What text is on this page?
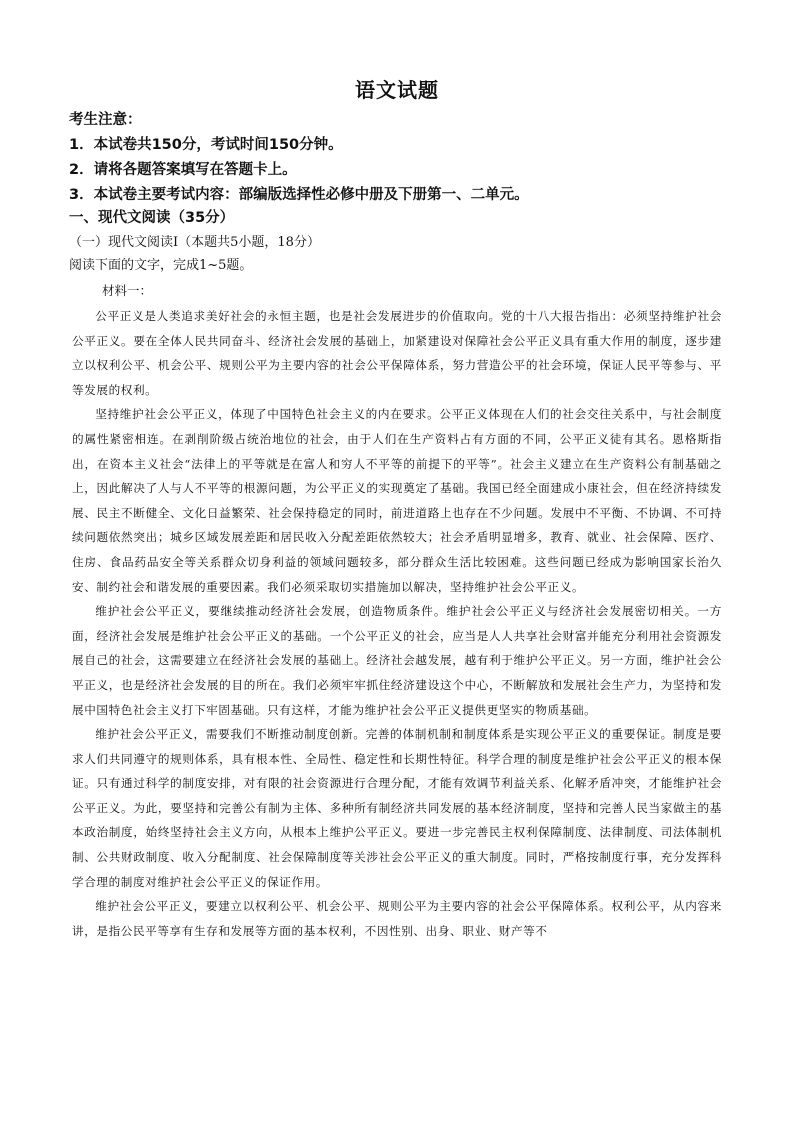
语文试题
考生注意：
1．本试卷共150分，考试时间150分钟。
2．请将各题答案填写在答题卡上。
3．本试卷主要考试内容：部编版选择性必修中册及下册第一、二单元。
一、现代文阅读（35分）
（一）现代文阅读Ⅰ（本题共5小题，18分）
阅读下面的文字，完成1~5题。
材料一：

公平正义是人类追求美好社会的永恒主题，也是社会发展进步的价值取向。党的十八大报告指出：必须坚持维护社会公平正义。要在全体人民共同奋斗、经济社会发展的基础上，加紧建设对保障社会公平正义具有重大作用的制度，逐步建立以权利公平、机会公平、规则公平为主要内容的社会公平保障体系，努力营造公平的社会环境，保证人民平等参与、平等发展的权利。

坚持维护社会公平正义，体现了中国特色社会主义的内在要求。公平正义体现在人们的社会交往关系中，与社会制度的属性紧密相连。在剥削阶级占统治地位的社会，由于人们在生产资料占有方面的不同，公平正义徒有其名。恩格斯指出，在资本主义社会“法律上的平等就是在富人和穷人不平等的前提下的平等”。社会主义建立在生产资料公有制基础之上，因此解决了人与人不平等的根源问题，为公平正义的实现奠定了基础。我国已经全面建成小康社会，但在经济持续发展、民主不断健全、文化日益繁荣、社会保持稳定的同时，前进道路上也存在不少问题。发展中不平衡、不协调、不可持续问题依然突出；城乡区域发展差距和居民收入分配差距依然较大；社会矛盾明显增多，教育、就业、社会保障、医疗、住房、食品药品安全等关系群众切身利益的领域问题较多，部分群众生活比较困难。这些问题已经成为影响国家长治久安、制约社会和谐发展的重要因素。我们必须采取切实措施加以解决，坚持维护社会公平正义。

维护社会公平正义，要继续推动经济社会发展，创造物质条件。维护社会公平正义与经济社会发展密切相关。一方面，经济社会发展是维护社会公平正义的基础。一个公平正义的社会，应当是人人共享社会财富并能充分利用社会资源发展自己的社会，这需要建立在经济社会发展的基础上。经济社会越发展，越有利于维护公平正义。另一方面，维护社会公平正义，也是经济社会发展的目的所在。我们必须牢牢抓住经济建设这个中心，不断解放和发展社会生产力，为坚持和发展中国特色社会主义打下牢固基础。只有这样，才能为维护社会公平正义提供更坚实的物质基础。

维护社会公平正义，需要我们不断推动制度创新。完善的体制机制和制度体系是实现公平正义的重要保证。制度是要求人们共同遵守的规则体系，具有根本性、全局性、稳定性和长期性特征。科学合理的制度是维护社会公平正义的根本保证。只有通过科学的制度安排，对有限的社会资源进行合理分配，才能有效调节利益关系、化解矛盾冲突，才能维护社会公平正义。为此，要坚持和完善公有制为主体、多种所有制经济共同发展的基本经济制度，坚持和完善人民当家做主的基本政治制度，始终坚持社会主义方向，从根本上维护公平正义。要进一步完善民主权利保障制度、法律制度、司法体制机制、公共财政制度、收入分配制度、社会保障制度等关涉社会公平正义的重大制度。同时，严格按制度行事，充分发挥科学合理的制度对维护社会公平正义的保证作用。

维护社会公平正义，要建立以权利公平、机会公平、规则公平为主要内容的社会公平保障体系。权利公平，从内容来讲，是指公民平等享有生存和发展等方面的基本权利，不因性别、出身、职业、财产等不
